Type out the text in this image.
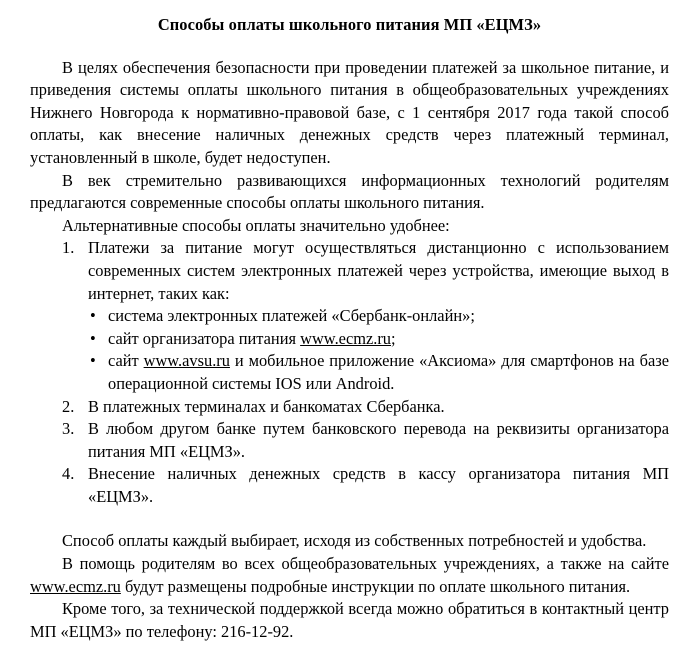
Способы оплаты школьного питания МП «ЕЦМЗ»

В целях обеспечения безопасности при проведении платежей за школьное питание, и приведения системы оплаты школьного питания в общеобразовательных учреждениях Нижнего Новгорода к нормативно-правовой базе, с 1 сентября 2017 года такой способ оплаты, как внесение наличных денежных средств через платежный терминал, установленный в школе, будет недоступен.

В век стремительно развивающихся информационных технологий родителям предлагаются современные способы оплаты школьного питания.

Альтернативные способы оплаты значительно удобнее:

1. Платежи за питание могут осуществляться дистанционно с использованием современных систем электронных платежей через устройства, имеющие выход в интернет, таких как:
• система электронных платежей «Сбербанк-онлайн»;
• сайт организатора питания www.ecmz.ru;
• сайт www.avsu.ru и мобильное приложение «Аксиома» для смартфонов на базе операционной системы IOS или Android.
2. В платежных терминалах и банкоматах Сбербанка.
3. В любом другом банке путем банковского перевода на реквизиты организатора питания МП «ЕЦМЗ».
4. Внесение наличных денежных средств в кассу организатора питания МП «ЕЦМЗ».

Способ оплаты каждый выбирает, исходя из собственных потребностей и удобства.

В помощь родителям во всех общеобразовательных учреждениях, а также на сайте www.ecmz.ru будут размещены подробные инструкции по оплате школьного питания.

Кроме того, за технической поддержкой всегда можно обратиться в контактный центр МП «ЕЦМЗ» по телефону: 216-12-92.
